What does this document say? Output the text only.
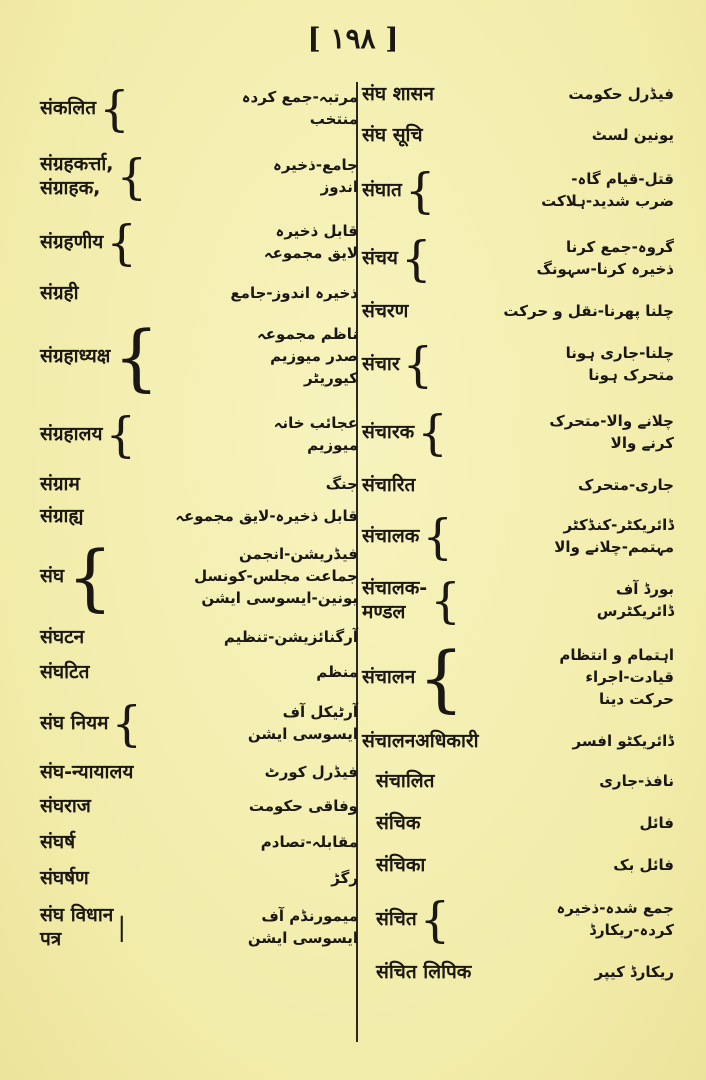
[ ۱۹۸ ]
संकलित {	مرتبہ-جمع کردہ
منتخب
संग्रहकर्त्ता,
संग्राहक, {	جامع-ذخیرہ
اندوز
संग्रहणीय {	قابل ذخیرہ
لایق مجموعہ
संग्रही	ذخیرہ اندوز-جامع
संग्रहाध्यक्ष {	ناظم مجموعہ
صدر میوزیم
کیوریٹر
संग्रहालय {	عجائب خانہ
میوزیم
संग्राम	جنگ
संग्राह्य	قابل ذخیرہ-لایق مجموعہ
संघ {	فیڈریشن-انجمن
جماعت مجلس-کونسل
یونین-ایسوسی ایشن
संघटन	آرگنائزیشن-تنظیم
संघटित	منظم
संघ नियम {	آرٹیکل آف
ایسوسی ایشن
संघ-न्यायालय	فیڈرل کورٹ
संघराज	وفاقی حکومت
संघर्ष	مقابلہ-تصادم
संघर्षण	رگڑ
संघ विधान
पत्र	|	میمورنڈم آف
ایسوسی ایشن
संघ शासन	فیڈرل حکومت
संघ सूचि	یونین لسٹ
संघात {	قتل-قیام گاہ-
ضرب شدید-ہلاکت
संचय {	گروہ-جمع کرنا
ذخیرہ کرنا-سہونگ
संचरण	چلنا پھرنا-نقل و حرکت
संचार {	چلنا-جاری ہونا
متحرک ہونا
संचारक {	چلانے والا-متحرک
کرنے والا
संचारित	جاری-متحرک
संचालक {	ڈائریکٹر-کنڈکٹر
مہتمم-چلانے والا
संचालक-
मण्डल {	بورڈ آف
ڈائریکٹرس
संचालन {	اہتمام و انتظام
قیادت-اجراء
حرکت دینا
संचालनअधिकारी	ڈائریکٹو افسر
संचालित	نافذ-جاری
संचिक	فائل
संचिका	فائل بک
संचित {	جمع شدہ-ذخیرہ
کردہ-ریکارڈ
संचित लिपिक	ریکارڈ کیپر
